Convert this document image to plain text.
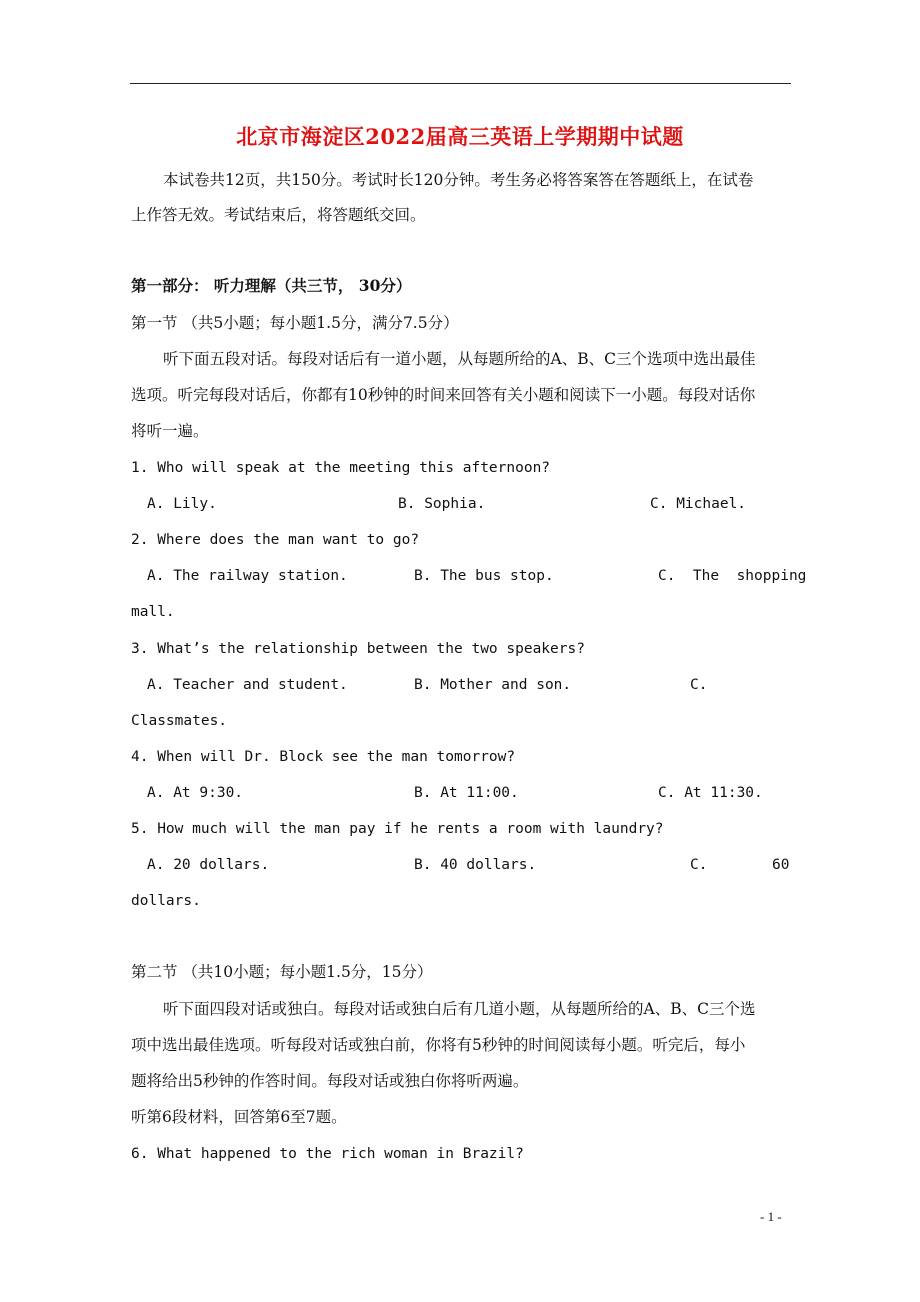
北京市海淀区2022届高三英语上学期期中试题
本试卷共12页，共150分。考试时长120分钟。考生务必将答案答在答题纸上，在试卷
上作答无效。考试结束后，将答题纸交回。
第一部分： 听力理解（共三节， 30分）
第一节 （共5小题；每小题1.5分，满分7.5分）
听下面五段对话。每段对话后有一道小题，从每题所给的A、B、C三个选项中选出最佳
选项。听完每段对话后，你都有10秒钟的时间来回答有关小题和阅读下一小题。每段对话你
将听一遍。
1. Who will speak at the meeting this afternoon?
A. Lily.	B. Sophia.	C. Michael.
2. Where does the man want to go?
A. The railway station.	B. The bus stop.	C.  The  shopping
mall.
3. What’s the relationship between the two speakers?
A. Teacher and student.	B. Mother and son.	C.
Classmates.
4. When will Dr. Block see the man tomorrow?
A. At 9:30.	B. At 11:00.	C. At 11:30.
5. How much will the man pay if he rents a room with laundry?
A. 20 dollars.	B. 40 dollars.	C.	60
dollars.
第二节 （共10小题；每小题1.5分，15分）
听下面四段对话或独白。每段对话或独白后有几道小题，从每题所给的A、B、C三个选
项中选出最佳选项。听每段对话或独白前，你将有5秒钟的时间阅读每小题。听完后，每小
题将给出5秒钟的作答时间。每段对话或独白你将听两遍。
听第6段材料，回答第6至7题。
6. What happened to the rich woman in Brazil?
- 1 -
